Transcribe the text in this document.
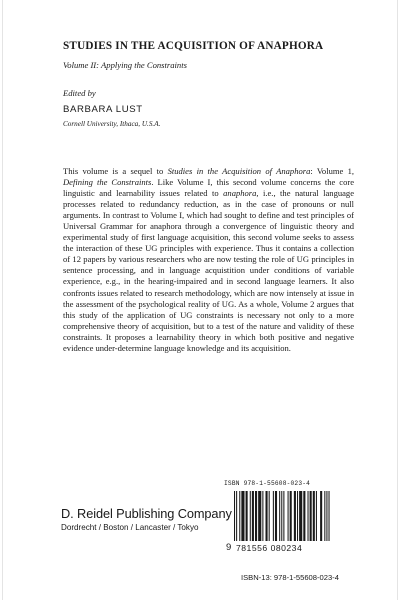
STUDIES IN THE ACQUISITION OF ANAPHORA
Volume II: Applying the Constraints
Edited by
BARBARA LUST
Cornell University, Ithaca, U.S.A.

This volume is a sequel to Studies in the Acquisition of Anaphora: Volume 1, Defining the Constraints. Like Volume I, this second volume concerns the core linguistic and learnability issues related to anaphora, i.e., the natural language processes related to redundancy reduction, as in the case of pronouns or null arguments. In contrast to Volume I, which had sought to define and test principles of Universal Grammar for anaphora through a convergence of linguistic theory and experimental study of first language acquisition, this second volume seeks to assess the interaction of these UG principles with experience. Thus it contains a collection of 12 papers by various researchers who are now testing the role of UG principles in sentence processing, and in language acquistition under conditions of variable experience, e.g., in the hearing-impaired and in second language learners. It also confronts issues related to research methodology, which are now intensely at issue in the assessment of the psychological reality of UG. As a whole, Volume 2 argues that this study of the application of UG constraints is necessary not only to a more comprehensive theory of acquisition, but to a test of the nature and validity of these constraints. It proposes a learnability theory in which both positive and negative evidence under-determine language knowledge and its acquisition.

ISBN 978-1-55608-023-4
9 781556 080234
D. Reidel Publishing Company
Dordrecht / Boston / Lancaster / Tokyo
ISBN-13: 978-1-55608-023-4
